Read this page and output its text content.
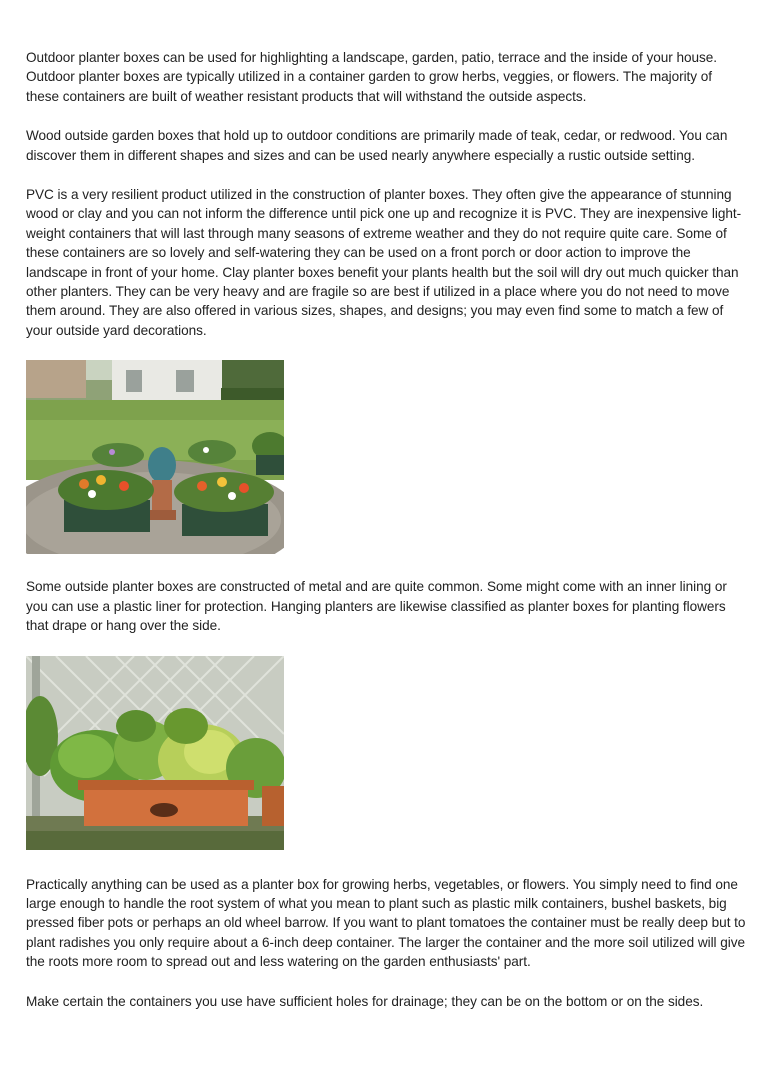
Outdoor planter boxes can be used for highlighting a landscape, garden, patio, terrace and the inside of your house. Outdoor planter boxes are typically utilized in a container garden to grow herbs, veggies, or flowers. The majority of these containers are built of weather resistant products that will withstand the outside aspects.

Wood outside garden boxes that hold up to outdoor conditions are primarily made of teak, cedar, or redwood. You can discover them in different shapes and sizes and can be used nearly anywhere especially a rustic outside setting.

PVC is a very resilient product utilized in the construction of planter boxes. They often give the appearance of stunning wood or clay and you can not inform the difference until pick one up and recognize it is PVC. They are inexpensive light-weight containers that will last through many seasons of extreme weather and they do not require quite care. Some of these containers are so lovely and self-watering they can be used on a front porch or door action to improve the landscape in front of your home. Clay planter boxes benefit your plants health but the soil will dry out much quicker than other planters. They can be very heavy and are fragile so are best if utilized in a place where you do not need to move them around. They are also offered in various sizes, shapes, and designs; you may even find some to match a few of your outside yard decorations.

Some outside planter boxes are constructed of metal and are quite common. Some might come with an inner lining or you can use a plastic liner for protection. Hanging planters are likewise classified as planter boxes for planting flowers that drape or hang over the side.

Practically anything can be used as a planter box for growing herbs, vegetables, or flowers. You simply need to find one large enough to handle the root system of what you mean to plant such as plastic milk containers, bushel baskets, big pressed fiber pots or perhaps an old wheel barrow. If you want to plant tomatoes the container must be really deep but to plant radishes you only require about a 6-inch deep container. The larger the container and the more soil utilized will give the roots more room to spread out and less watering on the garden enthusiasts' part.

Make certain the containers you use have sufficient holes for drainage; they can be on the bottom or on the sides.
